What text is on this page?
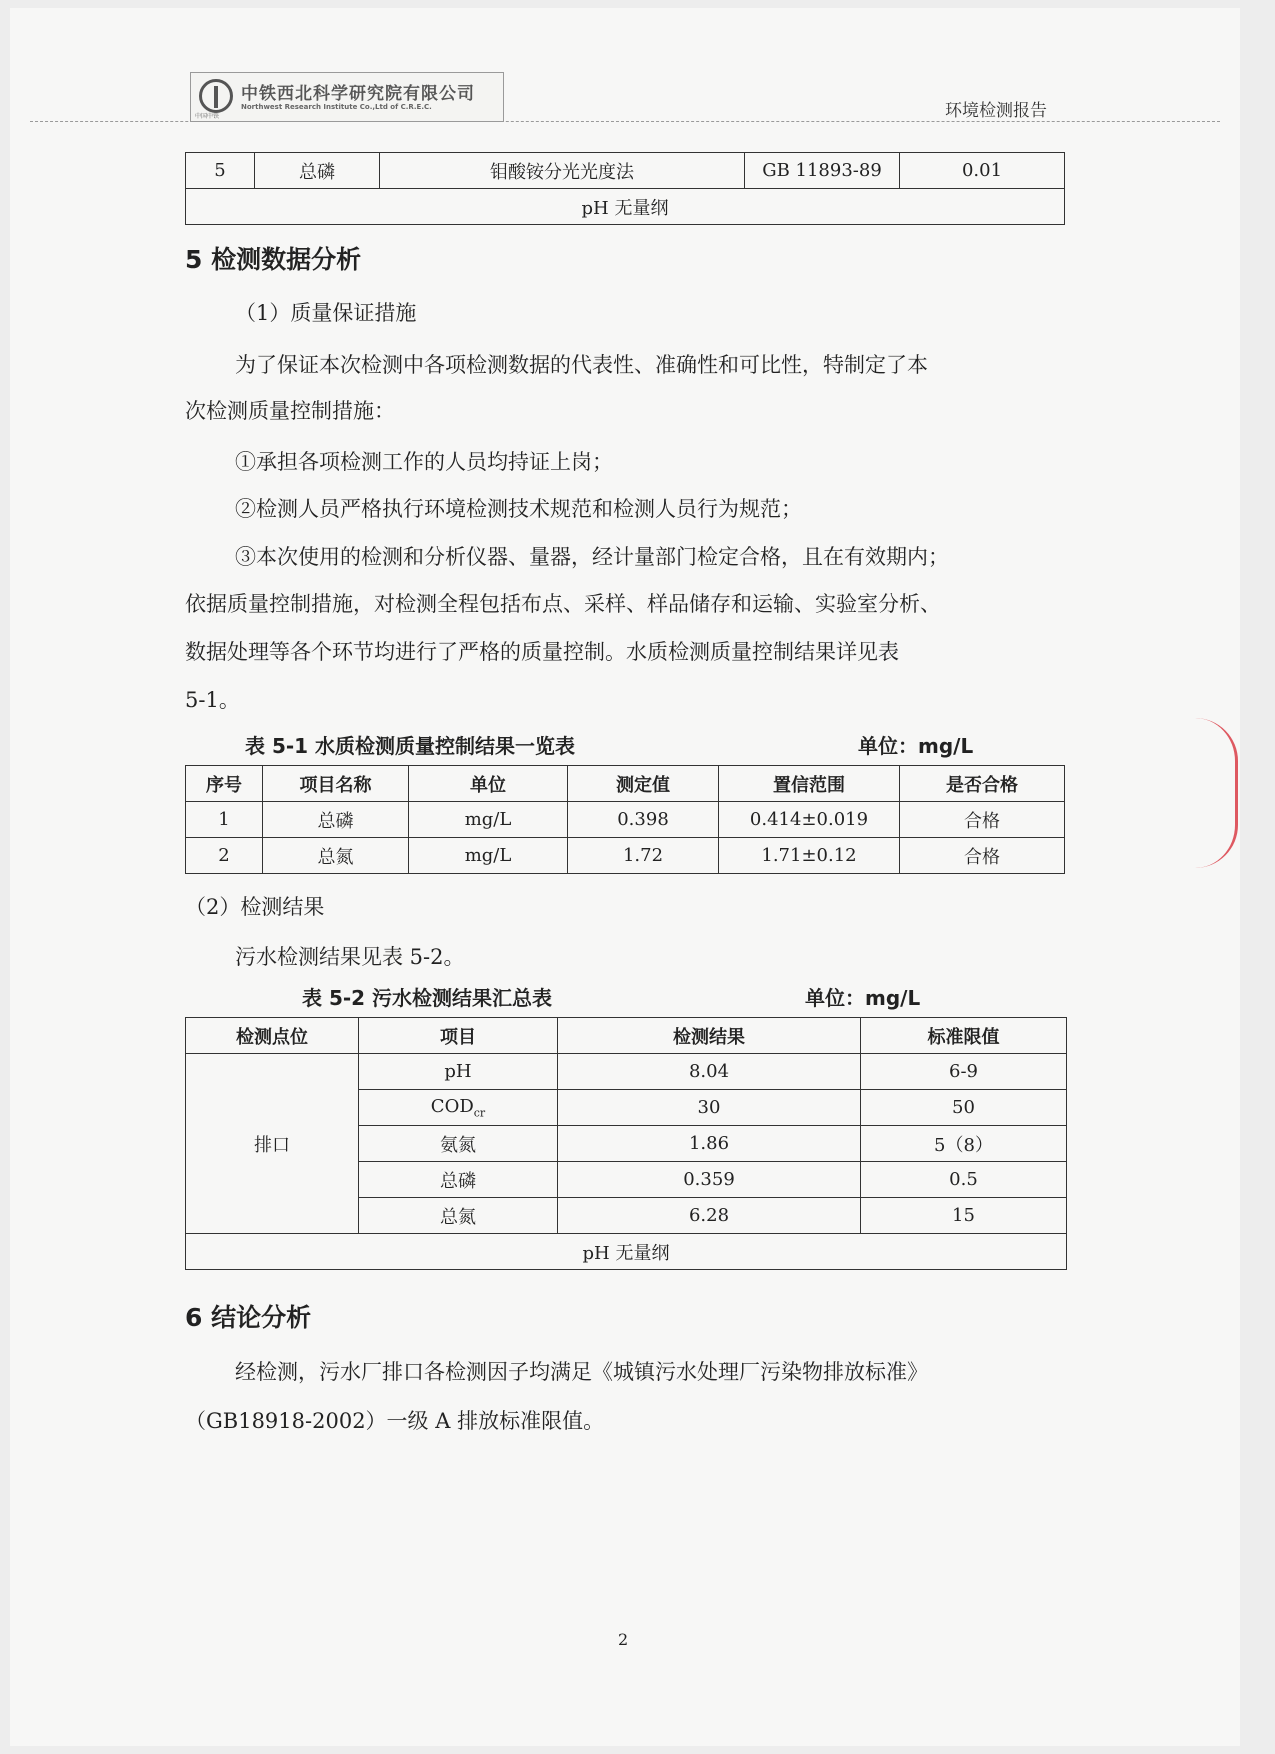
中铁西北科学研究院有限公司
Northwest Research Institute Co.,Ltd of C.R.E.C.
中国中铁	环境检测报告
5	总磷	钼酸铵分光光度法	GB 11893-89	0.01
pH 无量纲
5 检测数据分析
（1）质量保证措施
为了保证本次检测中各项检测数据的代表性、准确性和可比性，特制定了本
次检测质量控制措施：
①承担各项检测工作的人员均持证上岗；
②检测人员严格执行环境检测技术规范和检测人员行为规范；
③本次使用的检测和分析仪器、量器，经计量部门检定合格，且在有效期内；
依据质量控制措施，对检测全程包括布点、采样、样品储存和运输、实验室分析、
数据处理等各个环节均进行了严格的质量控制。水质检测质量控制结果详见表
5-1。
表 5-1 水质检测质量控制结果一览表	单位：mg/L
序号	项目名称	单位	测定值	置信范围	是否合格
1	总磷	mg/L	0.398	0.414±0.019	合格
2	总氮	mg/L	1.72	1.71±0.12	合格
（2）检测结果
污水检测结果见表 5-2。
表 5-2 污水检测结果汇总表	单位：mg/L
检测点位	项目	检测结果	标准限值
排口	pH	8.04	6-9
	$COD_{cr}$	30	50
	氨氮	1.86	5（8）
	总磷	0.359	0.5
	总氮	6.28	15
pH 无量纲			
6 结论分析
经检测，污水厂排口各检测因子均满足《城镇污水处理厂污染物排放标准》
（GB18918-2002）一级 A 排放标准限值。
2
